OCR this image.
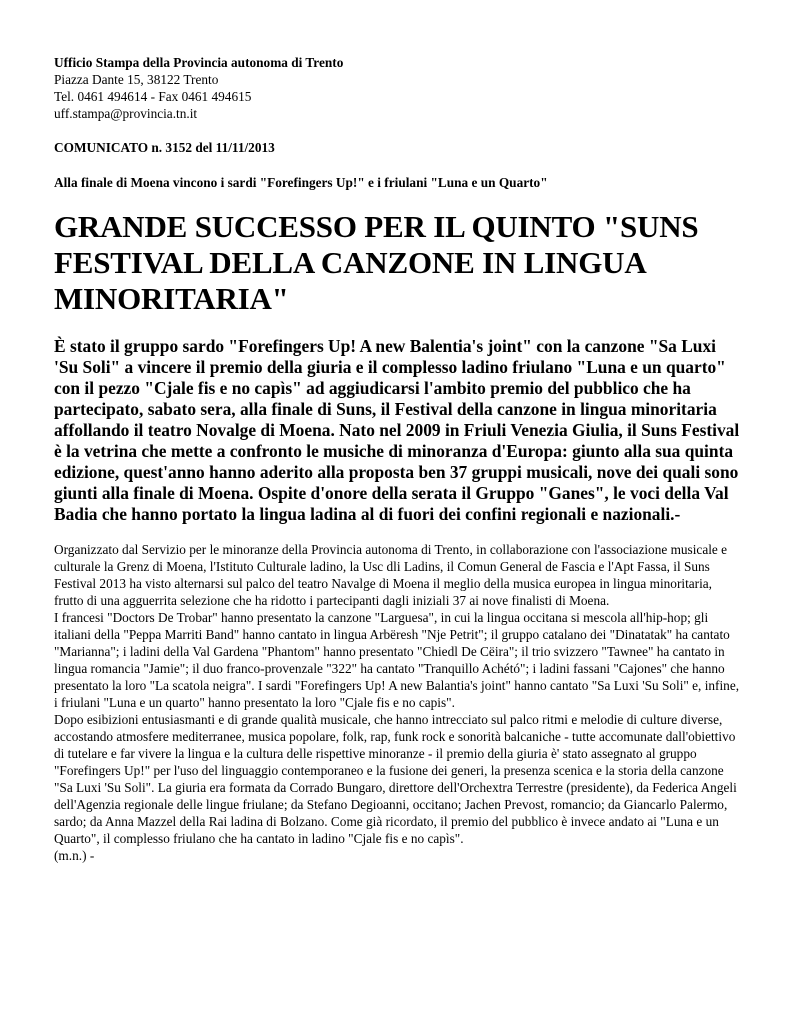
Ufficio Stampa della Provincia autonoma di Trento

Piazza Dante 15, 38122 Trento

Tel. 0461 494614 - Fax 0461 494615

uff.stampa@provincia.tn.it

COMUNICATO n. 3152 del 11/11/2013

Alla finale di Moena vincono i sardi "Forefingers Up!" e i friulani "Luna e un Quarto"

GRANDE SUCCESSO PER IL QUINTO "SUNS FESTIVAL DELLA CANZONE IN LINGUA MINORITARIA"

È stato il gruppo sardo "Forefingers Up! A new Balentia's joint" con la canzone "Sa Luxi 'Su Soli" a vincere il premio della giuria e il complesso ladino friulano "Luna e un quarto" con il pezzo "Cjale fis e no capìs" ad aggiudicarsi l'ambito premio del pubblico che ha partecipato, sabato sera, alla finale di Suns, il Festival della canzone in lingua minoritaria affollando il teatro Novalge di Moena. Nato nel 2009 in Friuli Venezia Giulia, il Suns Festival è la vetrina che mette a confronto le musiche di minoranza d'Europa: giunto alla sua quinta edizione, quest'anno hanno aderito alla proposta ben 37 gruppi musicali, nove dei quali sono giunti alla finale di Moena. Ospite d'onore della serata il Gruppo "Ganes", le voci della Val Badia che hanno portato la lingua ladina al di fuori dei confini regionali e nazionali.-

Organizzato dal Servizio per le minoranze della Provincia autonoma di Trento, in collaborazione con l'associazione musicale e culturale la Grenz di Moena, l'Istituto Culturale ladino, la Usc dli Ladins, il Comun General de Fascia e l'Apt Fassa, il Suns Festival 2013 ha visto alternarsi sul palco del teatro Navalge di Moena il meglio della musica europea in lingua minoritaria, frutto di una agguerrita selezione che ha ridotto i partecipanti dagli iniziali 37 ai nove finalisti di Moena.

I francesi "Doctors De Trobar" hanno presentato la canzone "Larguesa", in cui la lingua occitana si mescola all'hip-hop; gli italiani della "Peppa Marriti Band" hanno cantato in lingua Arbëresh "Nje Petrit"; il gruppo catalano dei "Dinatatak" ha cantato "Marianna"; i ladini della Val Gardena "Phantom" hanno presentato "Chiedl De Cëira"; il trio svizzero "Tawnee" ha cantato in lingua romancia "Jamie"; il duo franco-provenzale "322" ha cantato "Tranquillo Achétó"; i ladini fassani "Cajones" che hanno presentato la loro "La scatola neigra". I sardi "Forefingers Up! A new Balantia's joint" hanno cantato "Sa Luxi 'Su Soli" e, infine, i friulani "Luna e un quarto" hanno presentato la loro "Cjale fis e no capis".

Dopo esibizioni entusiasmanti e di grande qualità musicale, che hanno intrecciato sul palco ritmi e melodie di culture diverse, accostando atmosfere mediterranee, musica popolare, folk, rap, funk rock e sonorità balcaniche - tutte accomunate dall'obiettivo di tutelare e far vivere la lingua e la cultura delle rispettive minoranze - il premio della giuria è' stato assegnato al gruppo "Forefingers Up!" per l'uso del linguaggio contemporaneo e la fusione dei generi, la presenza scenica e la storia della canzone "Sa Luxi 'Su Soli". La giuria era formata da Corrado Bungaro, direttore dell'Orchextra Terrestre (presidente), da Federica Angeli dell'Agenzia regionale delle lingue friulane; da Stefano Degioanni, occitano; Jachen Prevost, romancio; da Giancarlo Palermo, sardo; da Anna Mazzel della Rai ladina di Bolzano. Come già ricordato, il premio del pubblico è invece andato ai "Luna e un Quarto", il complesso friulano che ha cantato in ladino "Cjale fis e no capìs".

(m.n.) -
